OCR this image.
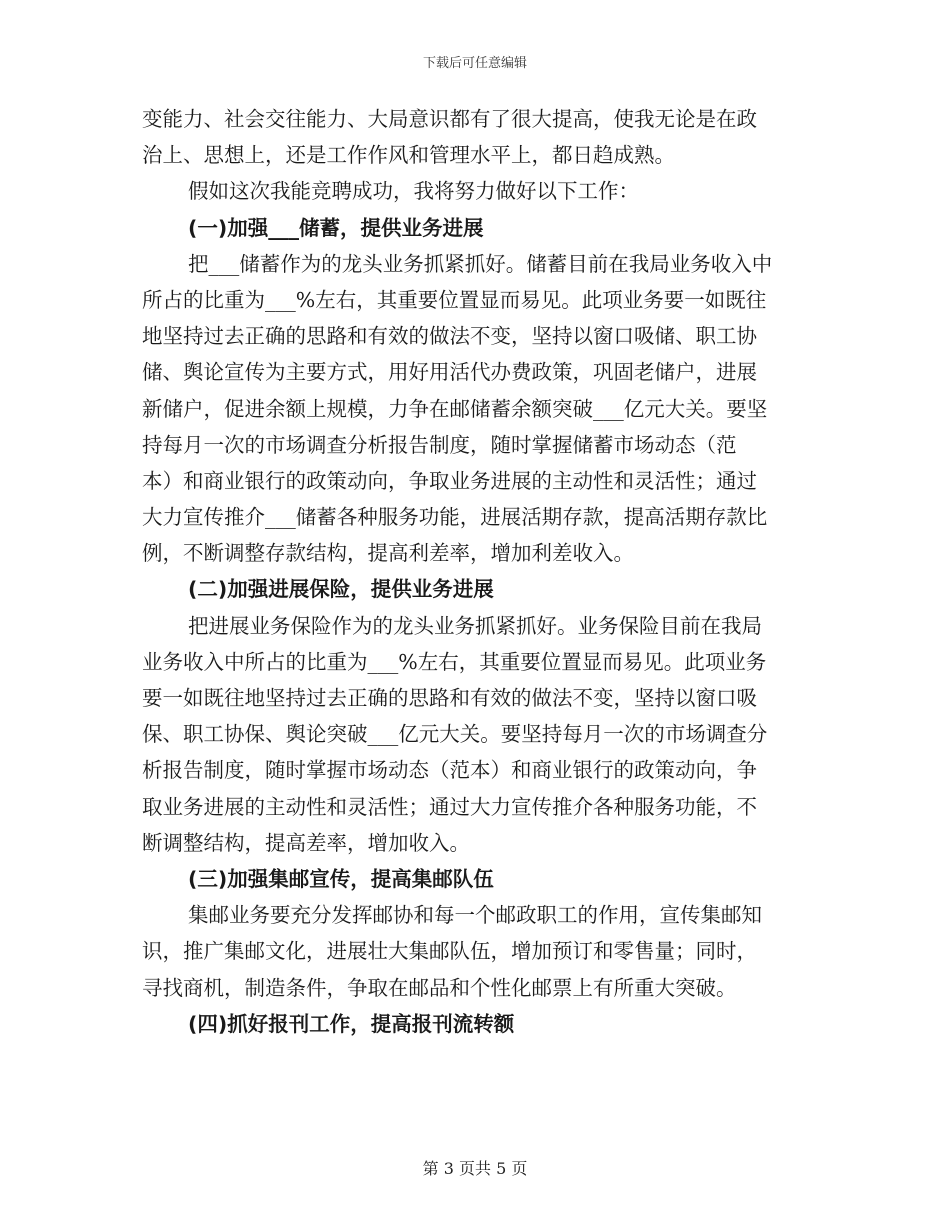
下载后可任意编辑
变能力、社会交往能力、大局意识都有了很大提高，使我无论是在政
治上、思想上，还是工作作风和管理水平上，都日趋成熟。
假如这次我能竞聘成功，我将努力做好以下工作：
(一)加强___储蓄，提供业务进展
把___储蓄作为的龙头业务抓紧抓好。储蓄目前在我局业务收入中
所占的比重为___%左右，其重要位置显而易见。此项业务要一如既往
地坚持过去正确的思路和有效的做法不变，坚持以窗口吸储、职工协
储、舆论宣传为主要方式，用好用活代办费政策，巩固老储户，进展
新储户，促进余额上规模，力争在邮储蓄余额突破___亿元大关。要坚
持每月一次的市场调查分析报告制度，随时掌握储蓄市场动态（范
本）和商业银行的政策动向，争取业务进展的主动性和灵活性；通过
大力宣传推介___储蓄各种服务功能，进展活期存款，提高活期存款比
例，不断调整存款结构，提高利差率，增加利差收入。
(二)加强进展保险，提供业务进展
把进展业务保险作为的龙头业务抓紧抓好。业务保险目前在我局
业务收入中所占的比重为___%左右，其重要位置显而易见。此项业务
要一如既往地坚持过去正确的思路和有效的做法不变，坚持以窗口吸
保、职工协保、舆论突破___亿元大关。要坚持每月一次的市场调查分
析报告制度，随时掌握市场动态（范本）和商业银行的政策动向，争
取业务进展的主动性和灵活性；通过大力宣传推介各种服务功能，不
断调整结构，提高差率，增加收入。
(三)加强集邮宣传，提高集邮队伍
集邮业务要充分发挥邮协和每一个邮政职工的作用，宣传集邮知
识，推广集邮文化，进展壮大集邮队伍，增加预订和零售量；同时，
寻找商机，制造条件，争取在邮品和个性化邮票上有所重大突破。
(四)抓好报刊工作，提高报刊流转额
第 3 页共 5 页
